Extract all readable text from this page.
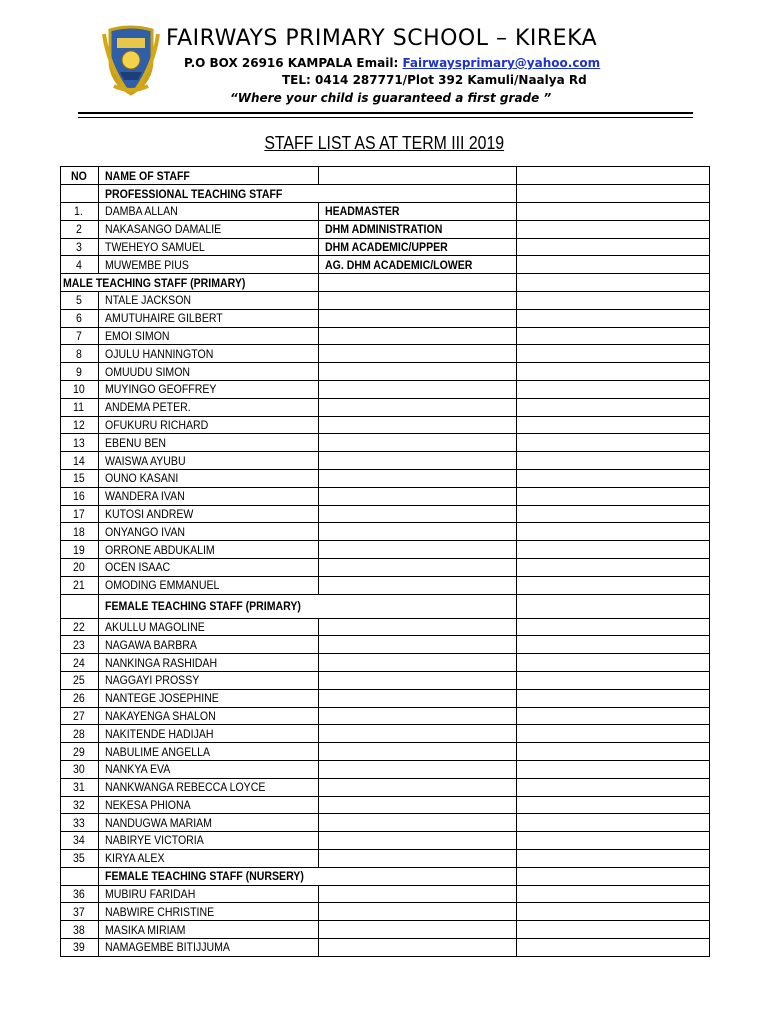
FAIRWAYS PRIMARY SCHOOL – KIREKA
P.O BOX 26916 KAMPALA Email: Fairwaysprimary@yahoo.com
TEL: 0414 287771/Plot 392 Kamuli/Naalya Rd
“Where your child is guaranteed a first grade ”
STAFF LIST AS AT TERM III 2019
NO	NAME OF STAFF		
	PROFESSIONAL TEACHING STAFF		
1.	DAMBA ALLAN	HEADMASTER	
2	NAKASANGO DAMALIE	DHM ADMINISTRATION	
3	TWEHEYO SAMUEL	DHM ACADEMIC/UPPER	
4	MUWEMBE PIUS	AG. DHM ACADEMIC/LOWER	
MALE TEACHING STAFF (PRIMARY)			
5	NTALE JACKSON		
6	AMUTUHAIRE GILBERT		
7	EMOI SIMON		
8	OJULU HANNINGTON		
9	OMUUDU SIMON		
10	MUYINGO GEOFFREY		
11	ANDEMA PETER.		
12	OFUKURU RICHARD		
13	EBENU BEN		
14	WAISWA AYUBU		
15	OUNO KASANI		
16	WANDERA IVAN		
17	KUTOSI ANDREW		
18	ONYANGO IVAN		
19	ORRONE ABDUKALIM		
20	OCEN ISAAC		
21	OMODING EMMANUEL		
	FEMALE TEACHING STAFF (PRIMARY)		
22	AKULLU MAGOLINE		
23	NAGAWA BARBRA		
24	NANKINGA RASHIDAH		
25	NAGGAYI PROSSY		
26	NANTEGE JOSEPHINE		
27	NAKAYENGA SHALON		
28	NAKITENDE HADIJAH		
29	NABULIME ANGELLA		
30	NANKYA EVA		
31	NANKWANGA REBECCA LOYCE		
32	NEKESA PHIONA		
33	NANDUGWA MARIAM		
34	NABIRYE VICTORIA		
35	KIRYA ALEX		
	FEMALE TEACHING STAFF (NURSERY)		
36	MUBIRU FARIDAH		
37	NABWIRE CHRISTINE		
38	MASIKA MIRIAM		
39	NAMAGEMBE BITIJJUMA		
